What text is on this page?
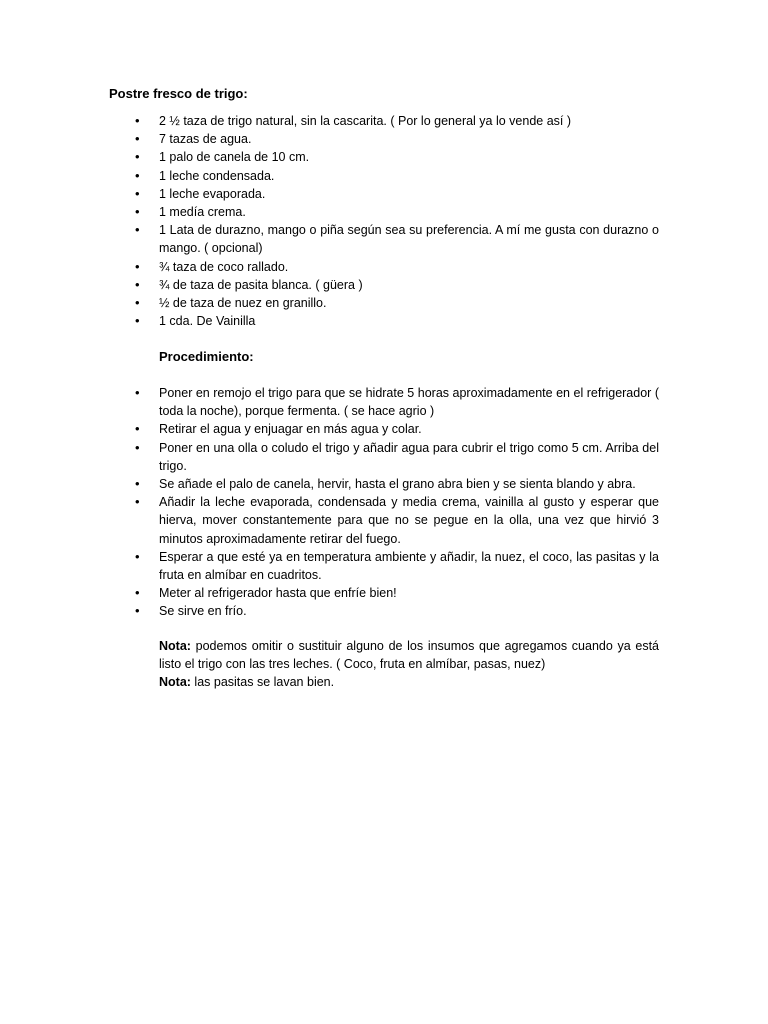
Postre fresco de trigo:
• 2 ½ taza de trigo natural, sin la cascarita. ( Por lo general ya lo vende así )
• 7 tazas de agua.
• 1 palo de canela de 10 cm.
• 1 leche condensada.
• 1 leche evaporada.
• 1 medía crema.
• 1 Lata de durazno, mango o piña según sea su preferencia. A mí me gusta con durazno o mango. ( opcional)
• ¾ taza de coco rallado.
• ¾ de taza de pasita blanca. ( güera )
• ½ de taza de nuez en granillo.
• 1 cda. De Vainilla
Procedimiento:
• Poner en remojo el trigo para que se hidrate 5 horas aproximadamente en el refrigerador ( toda la noche), porque fermenta. ( se hace agrio )
• Retirar el agua y enjuagar en más agua y colar.
• Poner en una olla o coludo el trigo y añadir agua para cubrir el trigo como 5 cm. Arriba del trigo.
• Se añade el palo de canela, hervir, hasta el grano abra bien y se sienta blando y abra.
• Añadir la leche evaporada, condensada y media crema, vainilla al gusto y esperar que hierva, mover constantemente para que no se pegue en la olla, una vez que hirvió 3 minutos aproximadamente retirar del fuego.
• Esperar a que esté ya en temperatura ambiente y añadir, la nuez, el coco, las pasitas y la fruta en almíbar en cuadritos.
• Meter al refrigerador hasta que enfríe bien!
• Se sirve en frío.

Nota: podemos omitir o sustituir alguno de los insumos que agregamos cuando ya está listo el trigo con las tres leches. ( Coco, fruta en almíbar, pasas, nuez)

Nota: las pasitas se lavan bien.
